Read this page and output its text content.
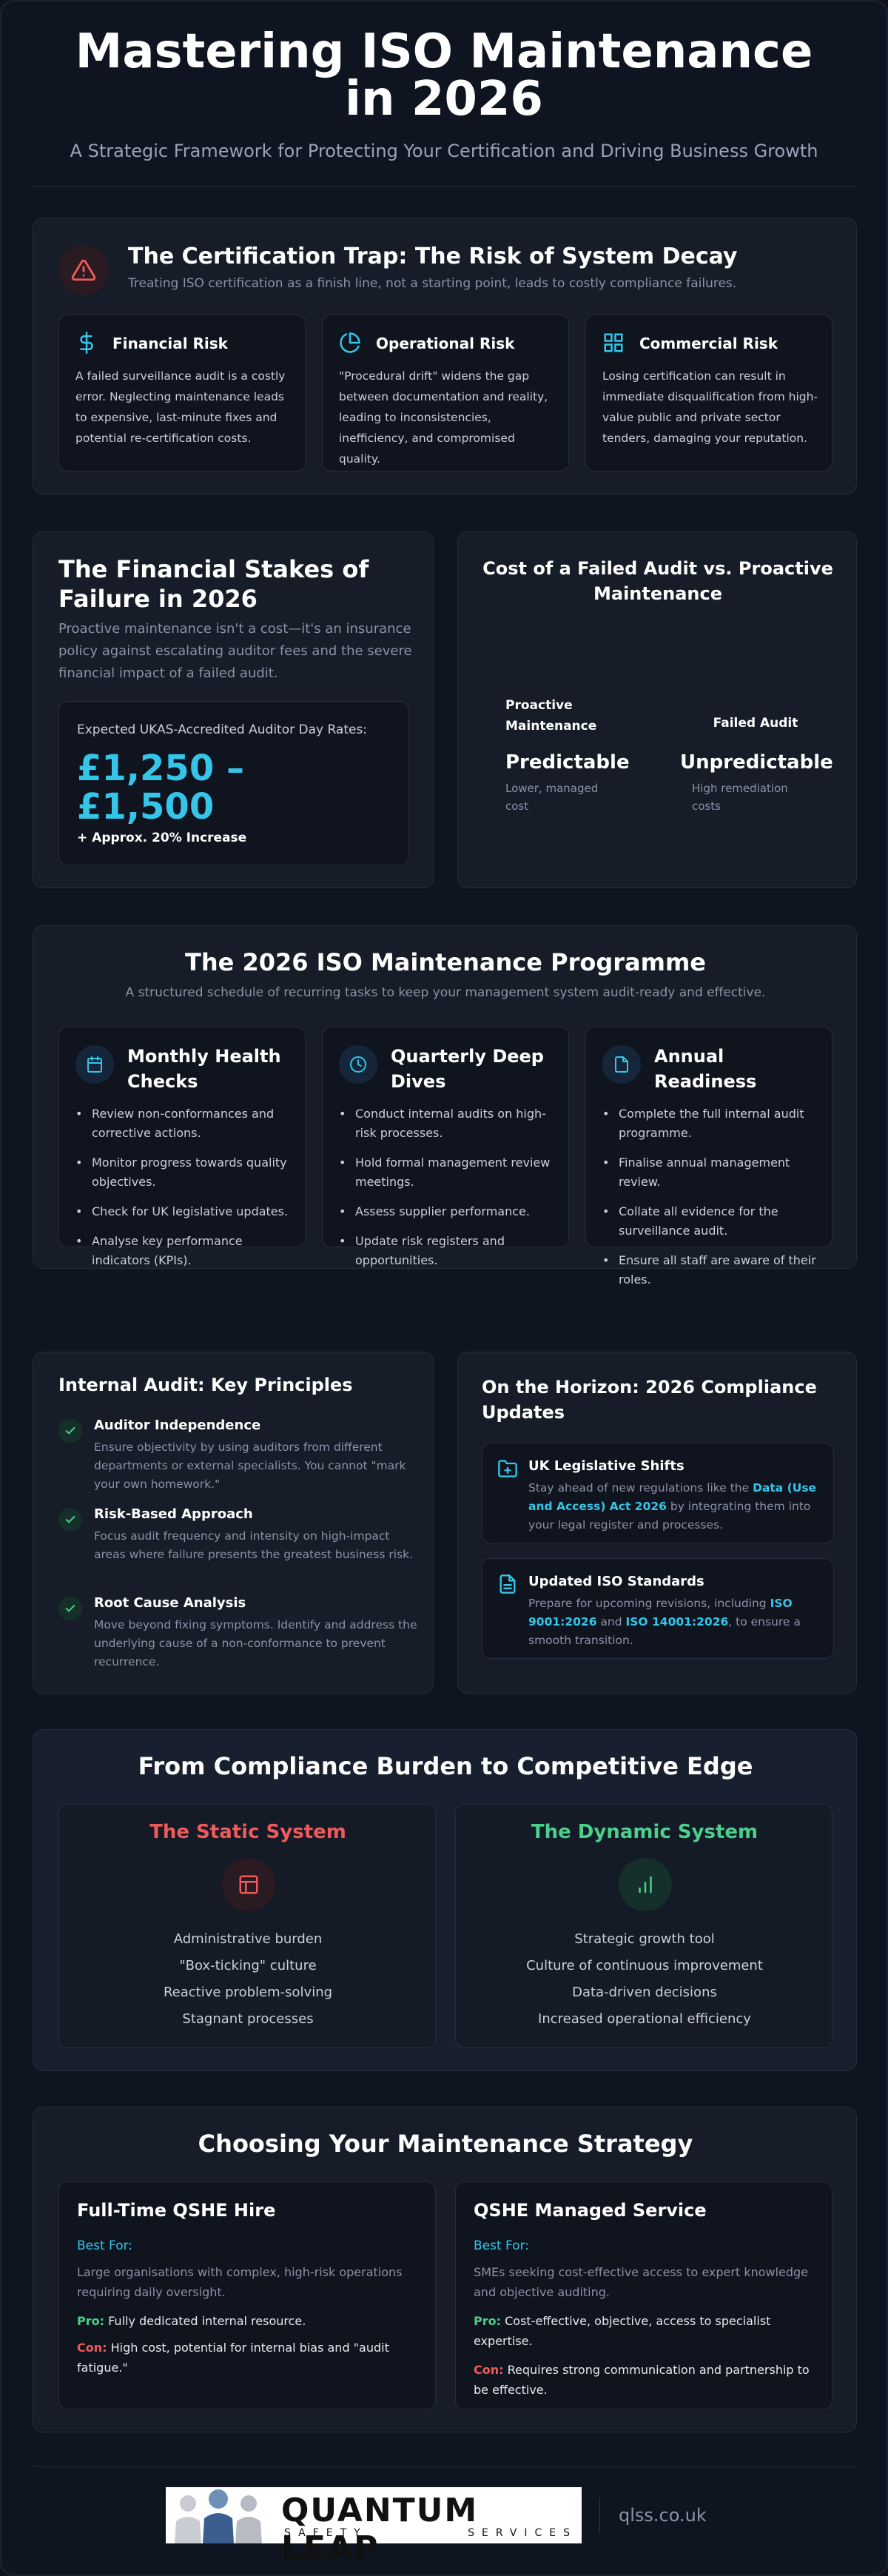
Mastering ISO Maintenance in 2026

A Strategic Framework for Protecting Your Certification and Driving Business Growth

The Certification Trap: The Risk of System Decay
Treating ISO certification as a finish line, not a starting point, leads to costly compliance failures.
Financial Risk
A failed surveillance audit is a costly error. Neglecting maintenance leads to expensive, last-minute fixes and potential re-certification costs.
Operational Risk
"Procedural drift" widens the gap between documentation and reality, leading to inconsistencies, inefficiency, and compromised quality.
Commercial Risk
Losing certification can result in immediate disqualification from high-value public and private sector tenders, damaging your reputation.
The Financial Stakes of Failure in 2026
Proactive maintenance isn't a cost—it's an insurance policy against escalating auditor fees and the severe financial impact of a failed audit.
Expected UKAS-Accredited Auditor Day Rates:
£1,250 – £1,500
+ Approx. 20% Increase
Cost of a Failed Audit vs. Proactive Maintenance
Proactive Maintenance
Predictable
Lower, managed cost
Failed Audit
Unpredictable
High remediation costs
The 2026 ISO Maintenance Programme
A structured schedule of recurring tasks to keep your management system audit-ready and effective.
Monthly Health Checks
• Review non-conformances and corrective actions.
• Monitor progress towards quality objectives.
• Check for UK legislative updates.
• Analyse key performance indicators (KPIs).
Quarterly Deep Dives
• Conduct internal audits on high-risk processes.
• Hold formal management review meetings.
• Assess supplier performance.
• Update risk registers and opportunities.
Annual Readiness
• Complete the full internal audit programme.
• Finalise annual management review.
• Collate all evidence for the surveillance audit.
• Ensure all staff are aware of their roles.
Internal Audit: Key Principles
Auditor Independence
Ensure objectivity by using auditors from different departments or external specialists. You cannot "mark your own homework."
Risk-Based Approach
Focus audit frequency and intensity on high-impact areas where failure presents the greatest business risk.
Root Cause Analysis
Move beyond fixing symptoms. Identify and address the underlying cause of a non-conformance to prevent recurrence.
On the Horizon: 2026 Compliance Updates
UK Legislative Shifts
Stay ahead of new regulations like the Data (Use and Access) Act 2026 by integrating them into your legal register and processes.
Updated ISO Standards
Prepare for upcoming revisions, including ISO 9001:2026 and ISO 14001:2026, to ensure a smooth transition.
From Compliance Burden to Competitive Edge
The Static System
Administrative burden
"Box-ticking" culture
Reactive problem-solving
Stagnant processes
The Dynamic System
Strategic growth tool
Culture of continuous improvement
Data-driven decisions
Increased operational efficiency
Choosing Your Maintenance Strategy
Full-Time QSHE Hire
Best For:
Large organisations with complex, high-risk operations requiring daily oversight.
Pro: Fully dedicated internal resource.
Con: High cost, potential for internal bias and "audit fatigue."
QSHE Managed Service
Best For:
SMEs seeking cost-effective access to expert knowledge and objective auditing.
Pro: Cost-effective, objective, access to specialist expertise.
Con: Requires strong communication and partnership to be effective.
QUANTUM LEAP
SAFETY SERVICES
qlss.co.uk
